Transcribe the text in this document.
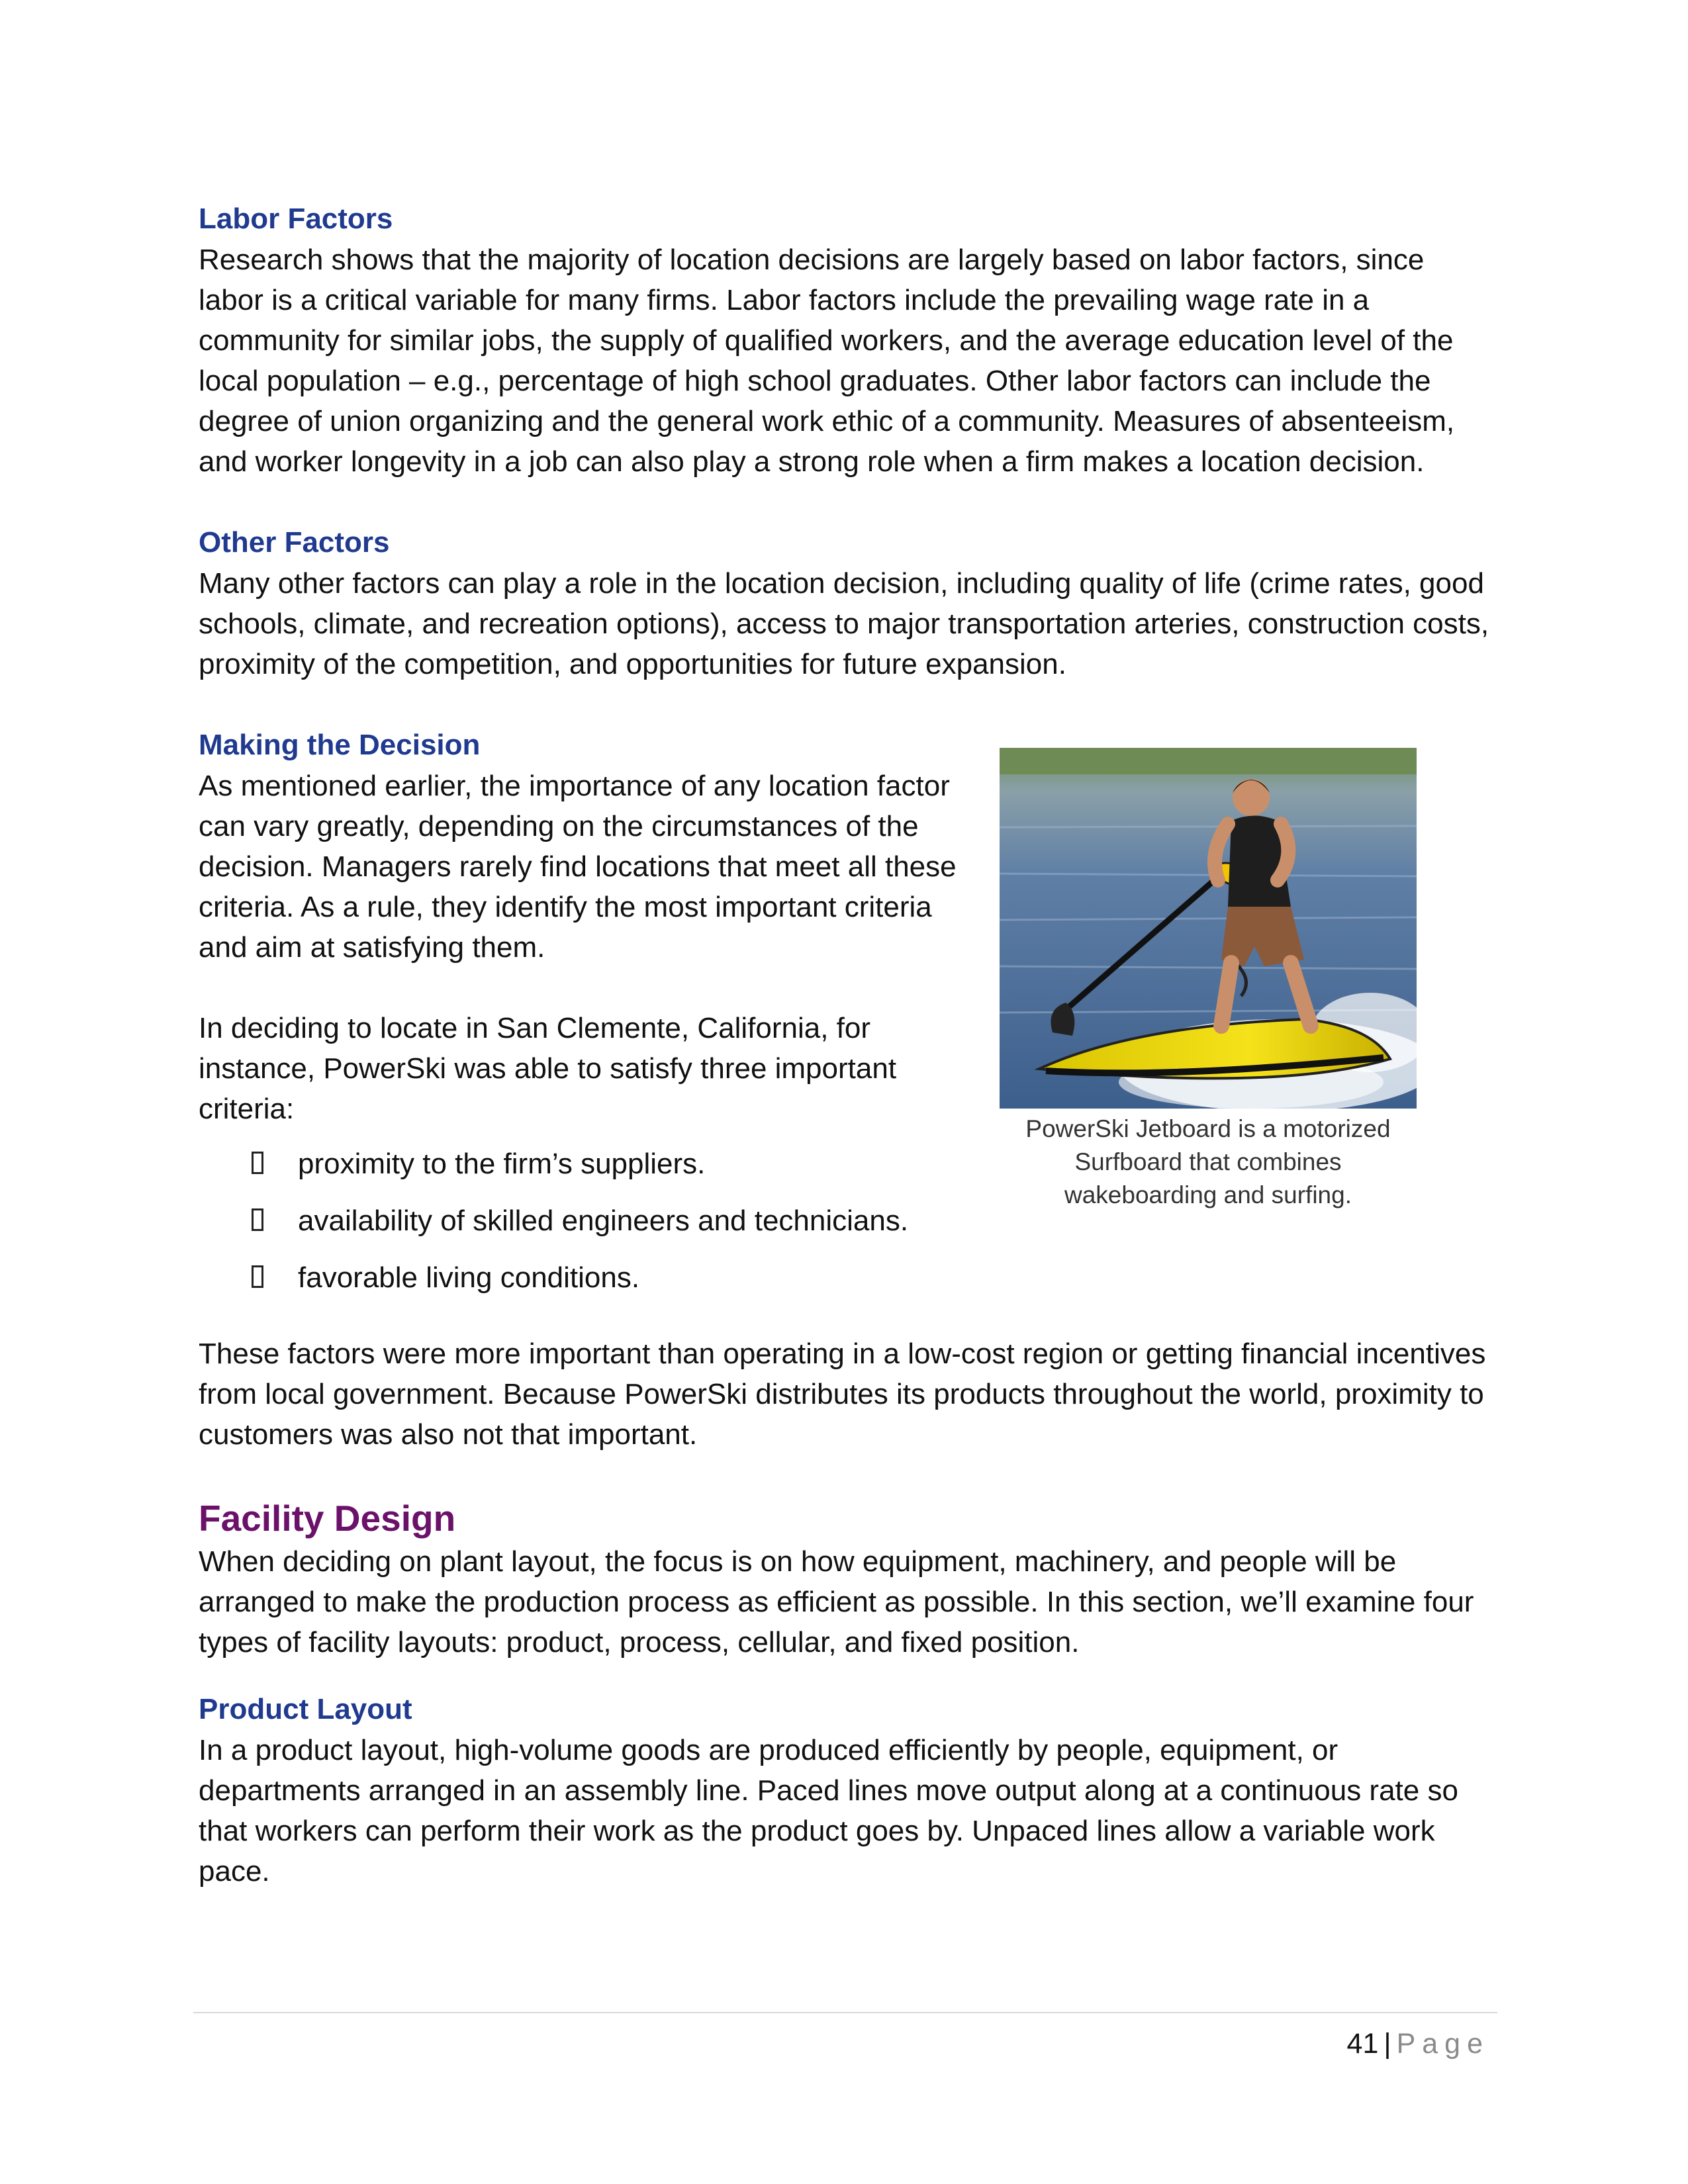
Labor Factors

Research shows that the majority of location decisions are largely based on labor factors, since labor is a critical variable for many firms. Labor factors include the prevailing wage rate in a community for similar jobs, the supply of qualified workers, and the average education level of the local population – e.g., percentage of high school graduates. Other labor factors can include the degree of union organizing and the general work ethic of a community. Measures of absenteeism, and worker longevity in a job can also play a strong role when a firm makes a location decision.

Other Factors

Many other factors can play a role in the location decision, including quality of life (crime rates, good schools, climate, and recreation options), access to major transportation arteries, construction costs, proximity of the competition, and opportunities for future expansion.

Making the Decision

As mentioned earlier, the importance of any location factor can vary greatly, depending on the circumstances of the decision. Managers rarely find locations that meet all these criteria. As a rule, they identify the most important criteria and aim at satisfying them.

In deciding to locate in San Clemente, California, for instance, PowerSki was able to satisfy three important criteria:

proximity to the firm’s suppliers.
availability of skilled engineers and technicians.
favorable living conditions.
PowerSki Jetboard is a motorized
Surfboard that combines
wakeboarding and surfing.

These factors were more important than operating in a low-cost region or getting financial incentives from local government. Because PowerSki distributes its products throughout the world, proximity to customers was also not that important.

Facility Design

When deciding on plant layout, the focus is on how equipment, machinery, and people will be arranged to make the production process as efficient as possible. In this section, we’ll examine four types of facility layouts: product, process, cellular, and fixed position.

Product Layout

In a product layout, high-volume goods are produced efficiently by people, equipment, or departments arranged in an assembly line. Paced lines move output along at a continuous rate so that workers can perform their work as the product goes by. Unpaced lines allow a variable work pace.

41 | Page
